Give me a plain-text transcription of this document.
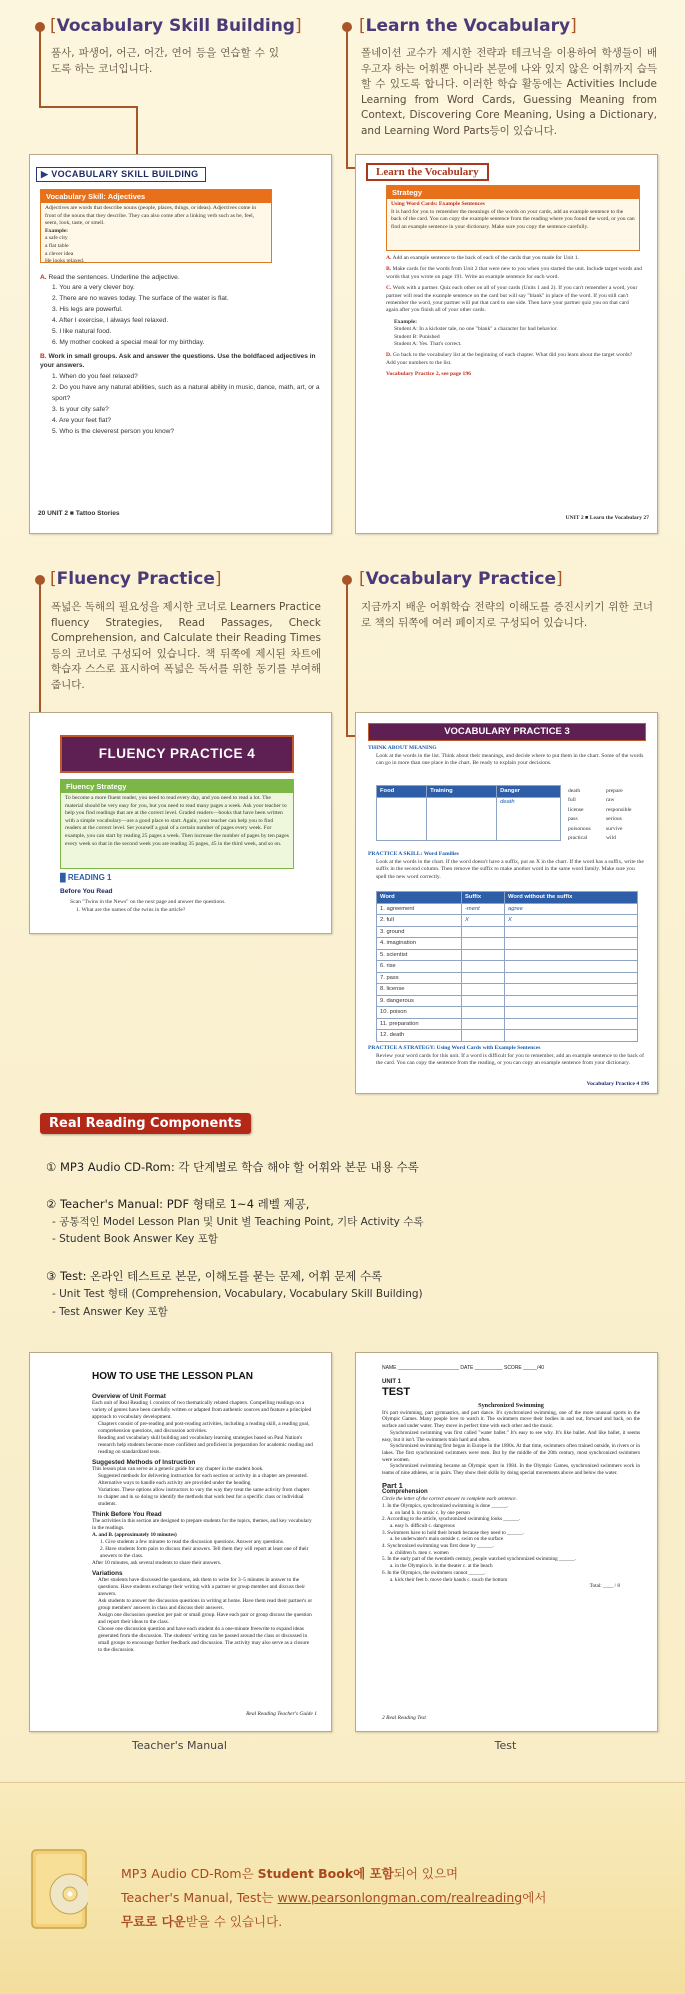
[Vocabulary Skill Building]
품사, 파생어, 어근, 어간, 연어 등을 연습할 수 있도록 하는 코너입니다.
▶ VOCABULARY SKILL BUILDING
Vocabulary Skill: Adjectives
Adjectives are words that describe nouns (people, places, things, or ideas). Adjectives come in front of the nouns that they describe. They can also come after a linking verb such as be, feel, seem, look, taste, or smell.
Example:
a safe city
a flat table
a clever idea
He looks relaxed.
A. Read the sentences. Underline the adjective.
1. You are a very clever boy.
2. There are no waves today. The surface of the water is flat.
3. His legs are powerful.
4. After I exercise, I always feel relaxed.
5. I like natural food.
6. My mother cooked a special meal for my birthday.
B. Work in small groups. Ask and answer the questions. Use the boldfaced adjectives in your answers.
1. When do you feel relaxed?
2. Do you have any natural abilities, such as a natural ability in music, dance, math, art, or a sport?
3. Is your city safe?
4. Are your feet flat?
5. Who is the cleverest person you know?
20 UNIT 2 ■ Tattoo Stories
[Learn the Vocabulary]
폴네이션 교수가 제시한 전략과 테크닉을 이용하여 학생들이 배우고자 하는 어휘뿐 아니라 본문에 나와 있지 않은 어휘까지 습득 할 수 있도록 합니다. 이러한 학습 활동에는 Activities Include Learning from Word Cards, Guessing Meaning from Context, Discovering Core Meaning, Using a Dictionary, and Learning Word Parts등이 있습니다.
Learn the Vocabulary
Strategy
Using Word Cards: Example Sentences
It is hard for you to remember the meanings of the words on your cards, add an example sentence to the back of the card. You can copy the example sentence from the reading where you found the word, or you can find an example sentence in your dictionary. Make sure you copy the sentence carefully.
A. Add an example sentence to the back of each of the cards that you made for Unit 1.
B. Make cards for the words from Unit 2 that were new to you when you started the unit. Include target words and words that you wrote on page 191. Write an example sentence for each word.
C. Work with a partner. Quiz each other on all of your cards (Units 1 and 2). If you can't remember a word, your partner will read the example sentence on the card but will say "blank" in place of the word. If you still can't remember the word, your partner will put that card to one side. Then have your partner quiz you on that card again after you finish all of your other cards.
Example:
Student A: In a kickster tale, no one "blank" a character for bad behavior.
Student B: Punished
Student A: Yes. That's correct.
D. Go back to the vocabulary list at the beginning of each chapter. What did you learn about the target words? Add your numbers to the list.
Vocabulary Practice 2, see page 196
UNIT 2 ■ Learn the Vocabulary 27
[Fluency Practice]
폭넓은 독해의 필요성을 제시한 코너로 Learners Practice fluency Strategies, Read Passages, Check Comprehension, and Calculate their Reading Times 등의 코너로 구성되어 있습니다. 책 뒤쪽에 제시된 차트에 학습자 스스로 표시하여 폭넓은 독서를 위한 동기를 부여해 줍니다.
FLUENCY PRACTICE 4
Fluency Strategy
To become a more fluent reader, you need to read every day, and you need to read a lot. The material should be very easy for you, but you need to read many pages a week. Ask your teacher to help you find readings that are at the correct level. Graded readers—books that have been written with a simple vocabulary—are a good place to start. Again, your teacher can help you to find readers at the correct level. Set yourself a goal of a certain number of pages every week. For example, you can start by reading 25 pages a week. Then increase the number of pages by ten pages every week so that in the second week you are reading 35 pages, 45 in the third week, and so on.
█ READING 1
Before You Read
Scan "Twins in the News" on the next page and answer the questions.
1. What are the names of the twins in the article?
[Vocabulary Practice]
지금까지 배운 어휘학습 전략의 이해도를 증진시키기 위한 코너로 책의 뒤쪽에 여러 페이지로 구성되어 있습니다.
VOCABULARY PRACTICE 3
THINK ABOUT MEANING
Look at the words in the list. Think about their meanings, and decide where to put them in the chart. Some of the words can go in more than one place in the chart. Be ready to explain your decisions.
Food	Training	Danger
		death
death	prepare
full	raw
license	responsible
pass	serious
poisonous	survive
practical	wild
PRACTICE A SKILL: Word Families
Look at the words in the chart. If the word doesn't have a suffix, put an X in the chart. If the word has a suffix, write the suffix in the second column. Then remove the suffix to make another word in the same word family. Make sure you spell the new word correctly.
Word	Suffix	Word without the suffix
1. agreement	-ment	agree
2. full	X	X
3. ground		
4. imagination		
5. scientist		
6. rise		
7. pass		
8. license		
9. dangerous		
10. poison		
11. preparation		
12. death		
PRACTICE A STRATEGY: Using Word Cards with Example Sentences
Review your word cards for this unit. If a word is difficult for you to remember, add an example sentence to the back of the card. You can copy the sentence from the reading, or you can copy an example sentence from your dictionary.
Vocabulary Practice 4 196
Real Reading Components
① MP3 Audio CD-Rom: 각 단계별로 학습 해야 할 어휘와 본문 내용 수록
② Teacher's Manual: PDF 형태로 1~4 레벨 제공,
- 공통적인 Model Lesson Plan 및 Unit 별 Teaching Point, 기타 Activity 수록
- Student Book Answer Key 포함
③ Test: 온라인 테스트로 본문, 이해도를 묻는 문제, 어휘 문제 수록
- Unit Test 형태 (Comprehension, Vocabulary, Vocabulary Skill Building)
- Test Answer Key 포함
HOW TO USE THE LESSON PLAN
Overview of Unit Format
Each unit of Real Reading 1 consists of two thematically related chapters. Compelling readings on a variety of genres have been carefully written or adapted from authentic sources and feature a principled approach to vocabulary development.
Chapters consist of pre-reading and post-reading activities, including a reading skill, a reading goal, comprehension questions, and discussion activities.
Reading and vocabulary skill building and vocabulary learning strategies based on Paul Nation's research help students become more confident and proficient in preparation for academic reading and reading on standardized tests.
Suggested Methods of Instruction
This lesson plan can serve as a generic guide for any chapter in the student book.
Suggested methods for delivering instruction for each section or activity in a chapter are presented.
Alternative ways to handle each activity are provided under the heading
Variations. These options allow instructors to vary the way they treat the same activity from chapter to chapter and in so doing to identify the methods that work best for a specific class or individual students.
Think Before You Read
The activities in this section are designed to prepare students for the topics, themes, and key vocabulary in the readings.
A. and B. (approximately 10 minutes)
1. Give students a few minutes to read the discussion questions. Answer any questions.
2. Have students form pairs to discuss their answers. Tell them they will report at least one of their answers to the class.
After 10 minutes, ask several students to share their answers.
Variations
After students have discussed the questions, ask them to write for 3–5 minutes in answer to the questions. Have students exchange their writing with a partner or group member and discuss their answers.
Ask students to answer the discussion questions in writing at home. Have them read their partner's or group members' answers in class and discuss their answers.
Assign one discussion question per pair or small group. Have each pair or group discuss the question and report their ideas to the class.
Choose one discussion question and have each student do a one-minute freewrite to expand ideas generated from the discussion. The students' writing can be passed around the class or discussed in small groups to encourage further feedback and discussion. The activity may also serve as a closure to the discussion.
Real Reading Teacher's Guide 1
Teacher's Manual
NAME ______________________ DATE __________ SCORE _____/40
UNIT 1
TEST
Synchronized Swimming
It's part swimming, part gymnastics, and part dance. It's synchronized swimming, one of the more unusual sports in the Olympic Games. Many people love to watch it. The swimmers move their bodies in and out, forward and back, on the surface and under water. They move in perfect time with each other and the music.
Synchronized swimming was first called "water ballet." It's easy to see why. It's like ballet. And like ballet, it seems easy, but it isn't. The swimmers train hard and often.
Synchronized swimming first began in Europe in the 1890s. At that time, swimmers often trained outside, in rivers or in lakes. The first synchronized swimmers were men. But by the middle of the 20th century, most synchronized swimmers were women.
Synchronized swimming became an Olympic sport in 1984. In the Olympic Games, synchronized swimmers work in teams of nine athletes, or in pairs. They show their skills by doing special movements above and below the water.
Part 1
Comprehension
Circle the letter of the correct answer to complete each sentence.
1. In the Olympics, synchronized swimming is done ______.
a. on land b. in music c. by one person
2. According to the article, synchronized swimming looks ______.
a. easy b. difficult c. dangerous
3. Swimmers have to hold their breath because they need to ______.
a. be underwater's main outside c. swim on the surface
4. Synchronized swimming was first done by ______.
a. children b. men c. women
5. In the early part of the twentieth century, people watched synchronized swimming ______.
a. in the Olympics b. in the theater c. at the beach
6. In the Olympics, the swimmers cannot ______.
a. kick their feet b. move their hands c. touch the bottom
Total: ____ / 8
2 Real Reading Test
Test
MP3 Audio CD-Rom은 Student Book에 포함되어 있으며
Teacher's Manual, Test는 www.pearsonlongman.com/realreading에서
무료로 다운받을 수 있습니다.
